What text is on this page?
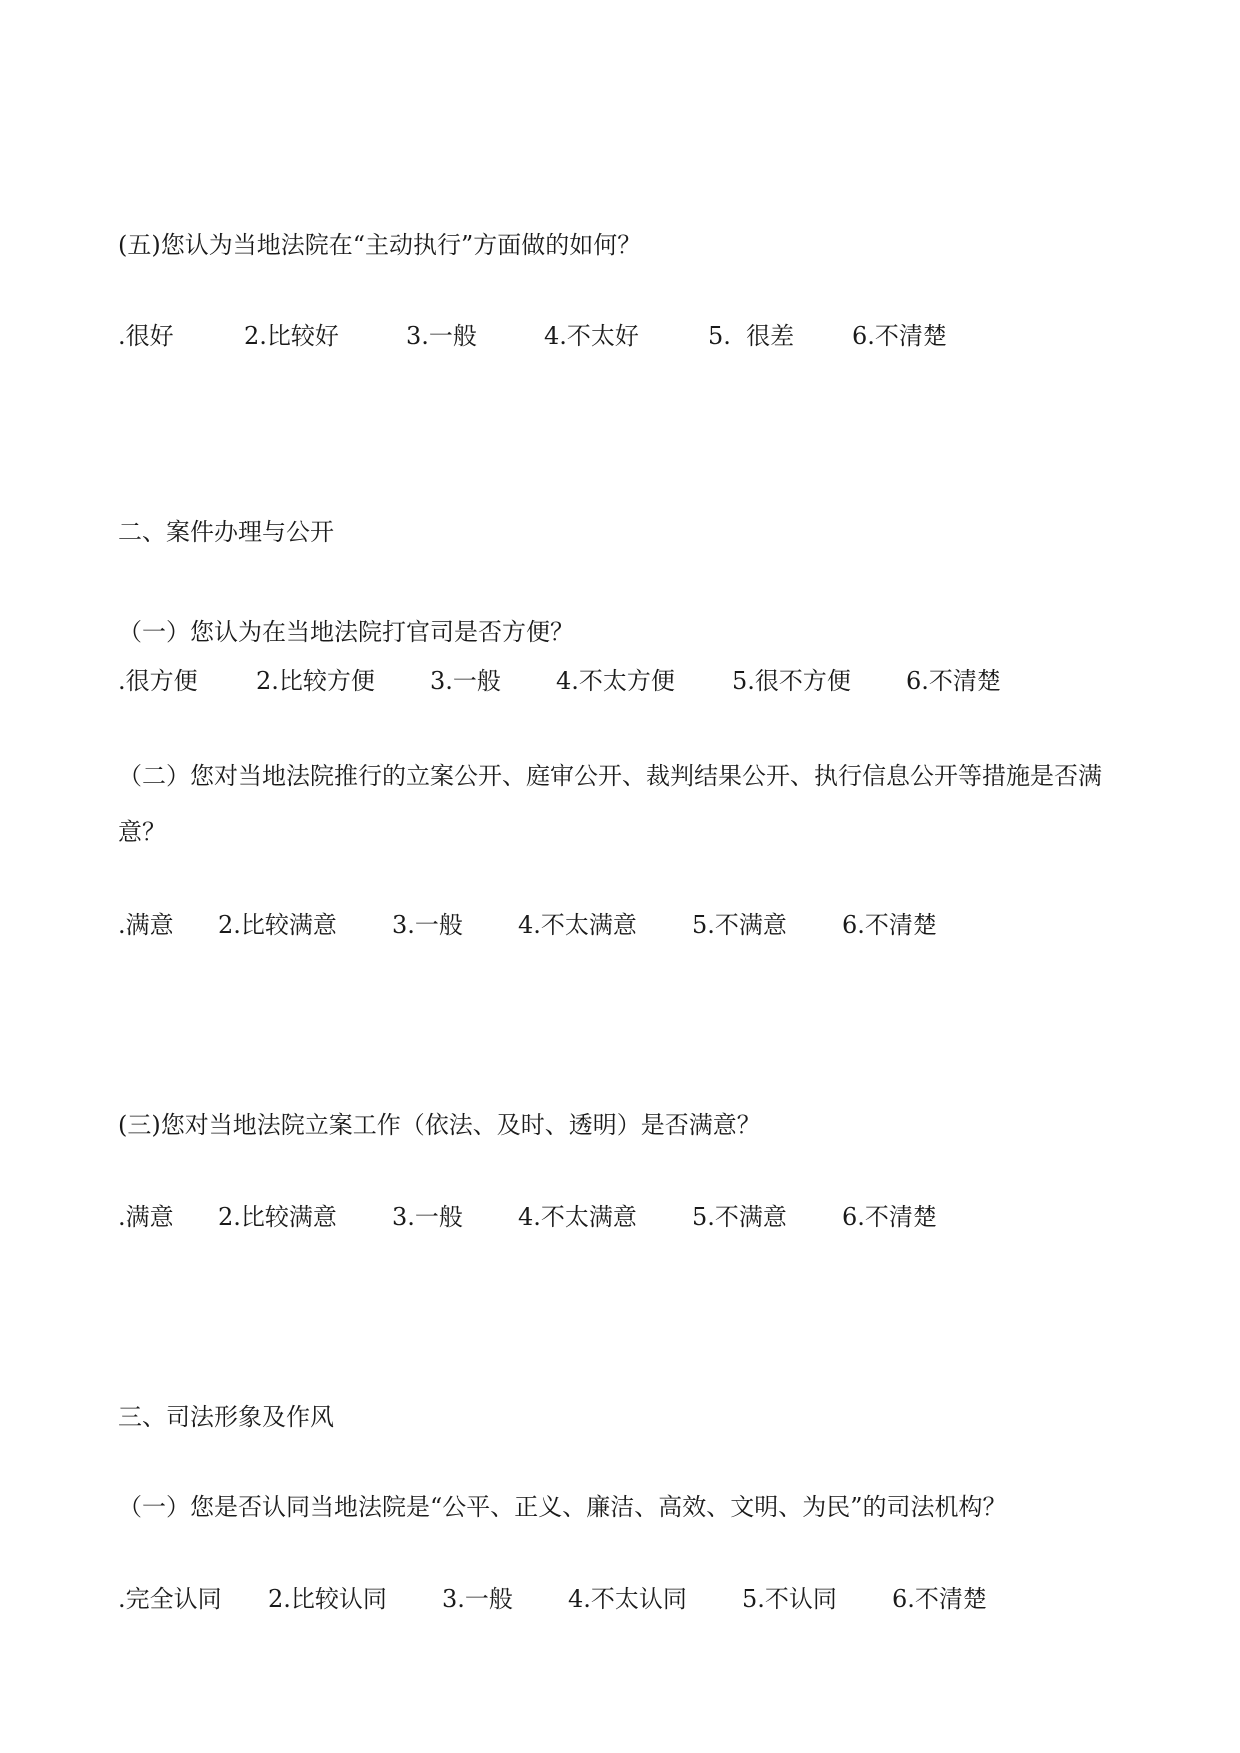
(五)您认为当地法院在“主动执行”方面做的如何？
.很好	2.比较好	3.一般	4.不太好	5.  很差 6.不清楚
二、案件办理与公开
（一）您认为在当地法院打官司是否方便？
.很方便 2.比较方便 3.一般 4.不太方便 5.很不方便 6.不清楚
（二）您对当地法院推行的立案公开、庭审公开、裁判结果公开、执行信息公开等措施是否满意？
.满意 2.比较满意 3.一般 4.不太满意 5.不满意 6.不清楚
(三)您对当地法院立案工作（依法、及时、透明）是否满意？
.满意 2.比较满意 3.一般 4.不太满意 5.不满意 6.不清楚
三、司法形象及作风
（一）您是否认同当地法院是“公平、正义、廉洁、高效、文明、为民”的司法机构？
.完全认同 2.比较认同 3.一般 4.不太认同 5.不认同 6.不清楚
